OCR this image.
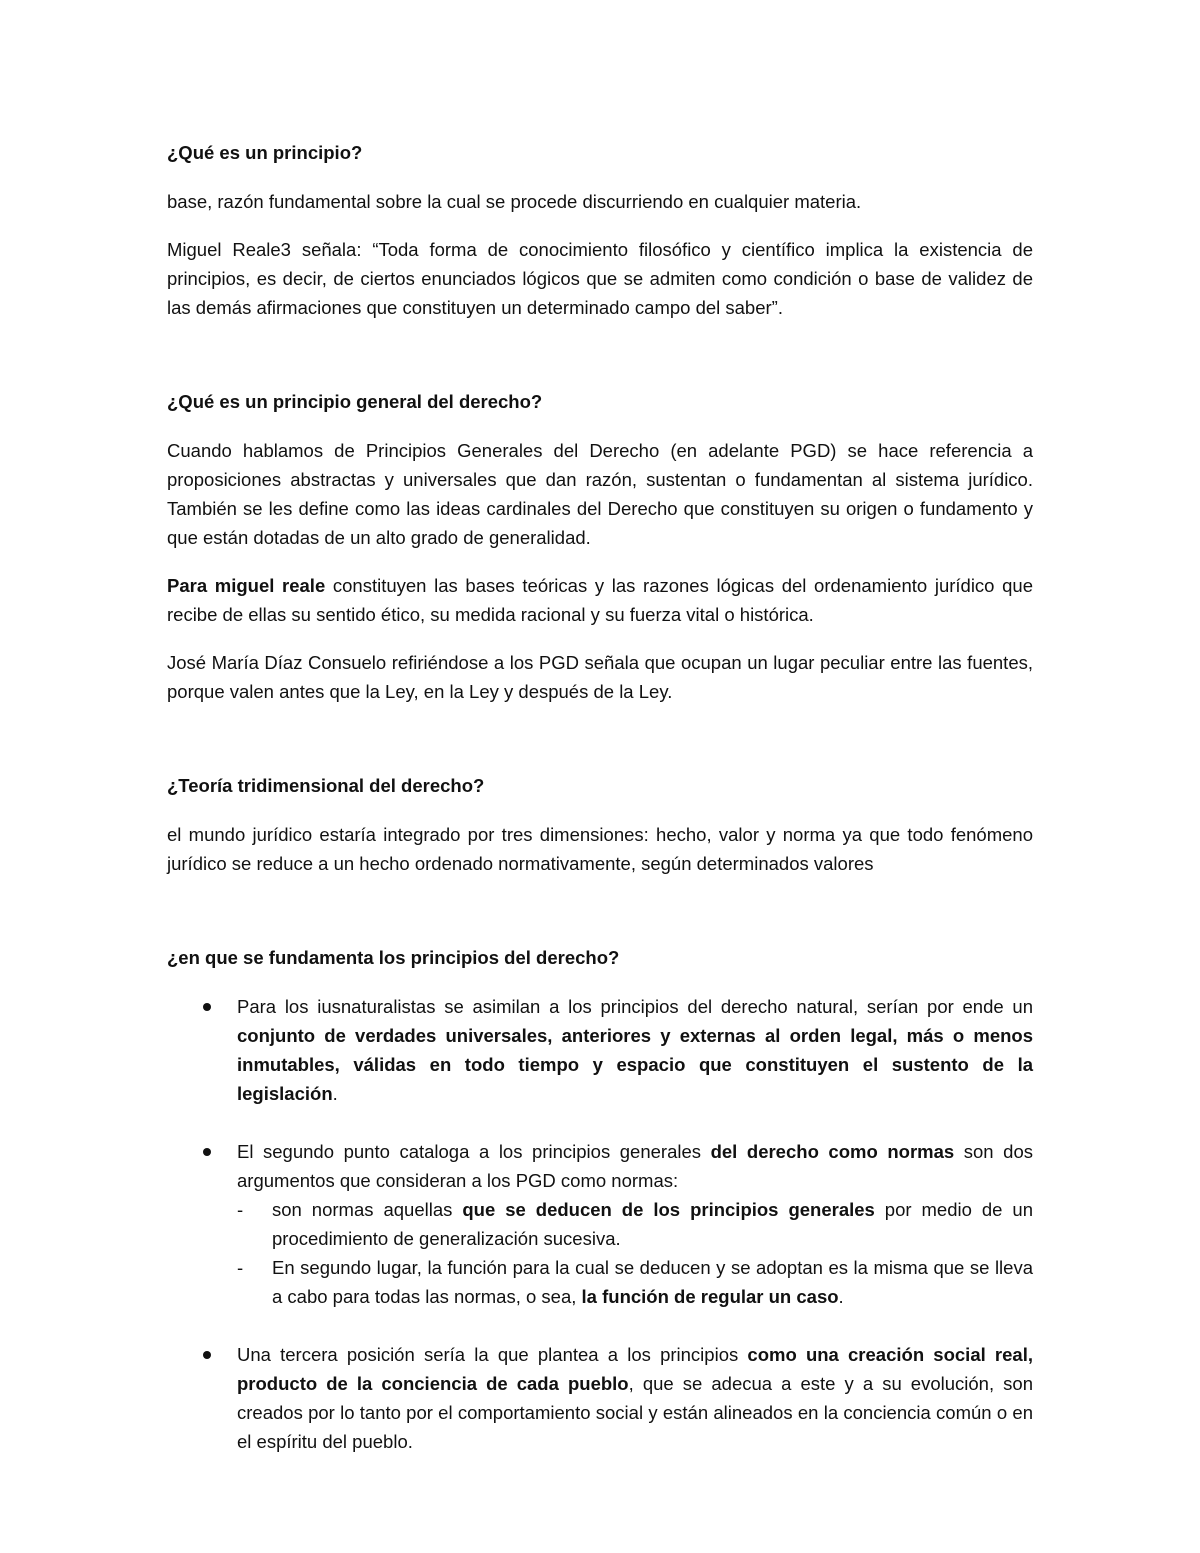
¿Qué es un principio?

base, razón fundamental sobre la cual se procede discurriendo en cualquier materia.

Miguel Reale3 señala: “Toda forma de conocimiento filosófico y científico implica la existencia de principios, es decir, de ciertos enunciados lógicos que se admiten como condición o base de validez de las demás afirmaciones que constituyen un determinado campo del saber”.

¿Qué es un principio general del derecho?

Cuando hablamos de Principios Generales del Derecho (en adelante PGD) se hace referencia a proposiciones abstractas y universales que dan razón, sustentan o fundamentan al sistema jurídico. También se les define como las ideas cardinales del Derecho que constituyen su origen o fundamento y que están dotadas de un alto grado de generalidad.

Para miguel reale constituyen las bases teóricas y las razones lógicas del ordenamiento jurídico que recibe de ellas su sentido ético, su medida racional y su fuerza vital o histórica.

José María Díaz Consuelo refiriéndose a los PGD señala que ocupan un lugar peculiar entre las fuentes, porque valen antes que la Ley, en la Ley y después de la Ley.

¿Teoría tridimensional del derecho?

el mundo jurídico estaría integrado por tres dimensiones: hecho, valor y norma ya que todo fenómeno jurídico se reduce a un hecho ordenado normativamente, según determinados valores

¿en que se fundamenta los principios del derecho?

Para los iusnaturalistas se asimilan a los principios del derecho natural, serían por ende un conjunto de verdades universales, anteriores y externas al orden legal, más o menos inmutables, válidas en todo tiempo y espacio que constituyen el sustento de la legislación.
El segundo punto cataloga a los principios generales del derecho como normas son dos argumentos que consideran a los PGD como normas:
- son normas aquellas que se deducen de los principios generales por medio de un procedimiento de generalización sucesiva.
- En segundo lugar, la función para la cual se deducen y se adoptan es la misma que se lleva a cabo para todas las normas, o sea, la función de regular un caso.
Una tercera posición sería la que plantea a los principios como una creación social real, producto de la conciencia de cada pueblo, que se adecua a este y a su evolución, son creados por lo tanto por el comportamiento social y están alineados en la conciencia común o en el espíritu del pueblo.
